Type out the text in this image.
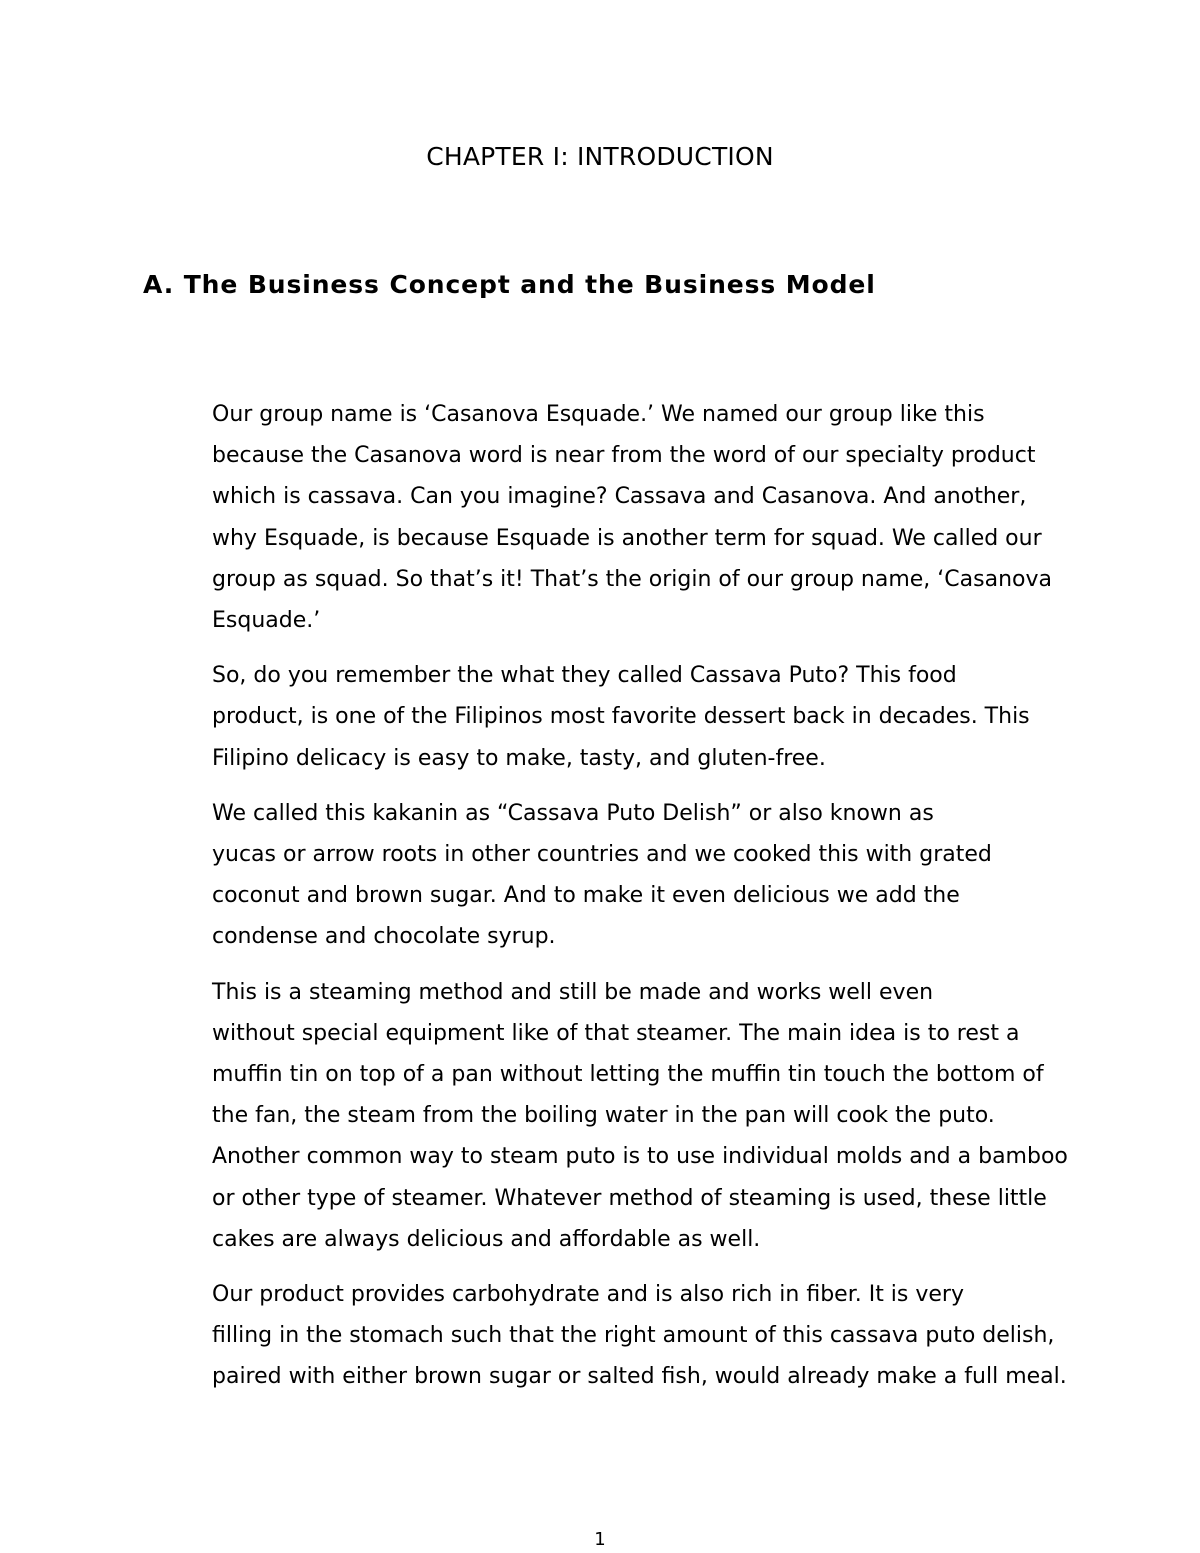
CHAPTER I: INTRODUCTION
A. The Business Concept and the Business Model

Our group name is ‘Casanova Esquade.’ We named our group like this
because the Casanova word is near from the word of our specialty product
which is cassava. Can you imagine? Cassava and Casanova. And another,
why Esquade, is because Esquade is another term for squad. We called our
group as squad. So that’s it! That’s the origin of our group name, ‘Casanova
Esquade.’

So, do you remember the what they called Cassava Puto? This food
product, is one of the Filipinos most favorite dessert back in decades. This
Filipino delicacy is easy to make, tasty, and gluten-free.

We called this kakanin as “Cassava Puto Delish” or also known as
yucas or arrow roots in other countries and we cooked this with grated
coconut and brown sugar. And to make it even delicious we add the
condense and chocolate syrup.

This is a steaming method and still be made and works well even
without special equipment like of that steamer. The main idea is to rest a
muffin tin on top of a pan without letting the muffin tin touch the bottom of
the fan, the steam from the boiling water in the pan will cook the puto.
Another common way to steam puto is to use individual molds and a bamboo
or other type of steamer. Whatever method of steaming is used, these little
cakes are always delicious and affordable as well.

Our product provides carbohydrate and is also rich in fiber. It is very
filling in the stomach such that the right amount of this cassava puto delish,
paired with either brown sugar or salted fish, would already make a full meal.

1
